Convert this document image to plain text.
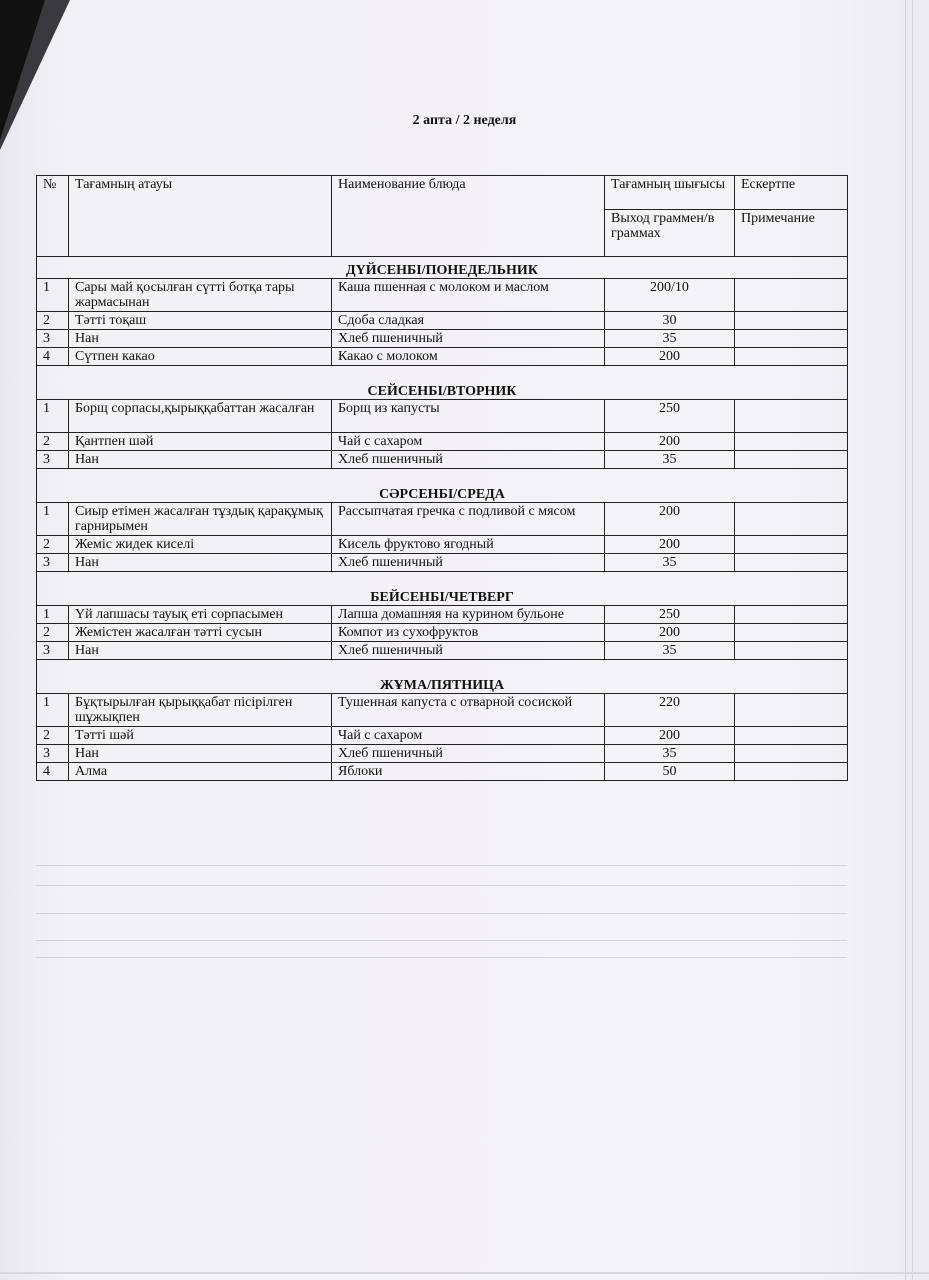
2 апта / 2 неделя
№	Тағамның атауы	Наименование блюда	Тағамның шығысы	Ескертпе
			Выход граммен/в граммах	Примечание
ДҮЙСЕНБІ/ПОНЕДЕЛЬНИК				
1	Сары май қосылған сүтті ботқа тары жармасынан	Каша пшенная с молоком и маслом	200/10	
2	Тәтті тоқаш	Сдоба сладкая	30	
3	Нан	Хлеб пшеничный	35	
4	Сүтпен какао	Какао с молоком	200	
СЕЙСЕНБІ/ВТОРНИК				
1	Борщ сорпасы,қырыққабаттан жасалған	Борщ из капусты	250	
2	Қантпен шәй	Чай с сахаром	200	
3	Нан	Хлеб пшеничный	35	
СӘРСЕНБІ/СРЕДА				
1	Сиыр етімен жасалған тұздық қарақұмық гарнирымен	Рассыпчатая гречка с подливой с мясом	200	
2	Жеміс жидек киселі	Кисель фруктово ягодный	200	
3	Нан	Хлеб пшеничный	35	
БЕЙСЕНБІ/ЧЕТВЕРГ				
1	Үй лапшасы тауық еті сорпасымен	Лапша домашняя на курином бульоне	250	
2	Жемістен жасалған тәтті сусын	Компот из сухофруктов	200	
3	Нан	Хлеб пшеничный	35	
ЖҰМА/ПЯТНИЦА				
1	Бұқтырылған қырыққабат пісірілген шұжықпен	Тушенная капуста с отварной сосиской	220	
2	Тәтті шәй	Чай с сахаром	200	
3	Нан	Хлеб пшеничный	35	
4	Алма	Яблоки	50	
